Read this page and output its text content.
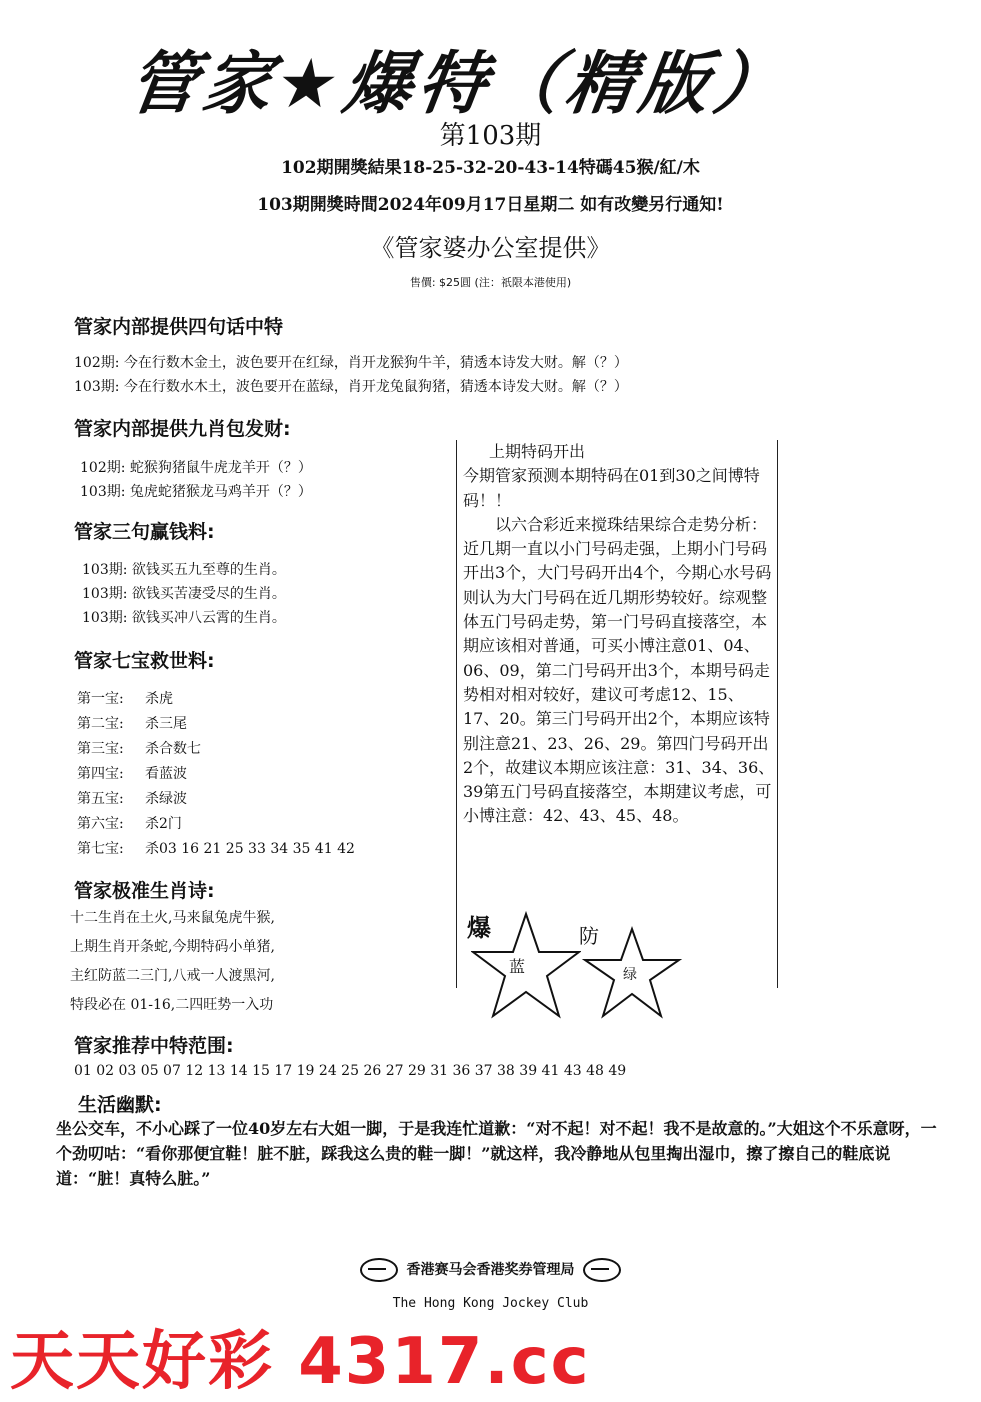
管家★爆特（精版）
第103期
102期開獎結果18-25-32-20-43-14特碼45猴/紅/木
103期開獎時間2024年09月17日星期二 如有改變另行通知!
《管家婆办公室提供》
售價: $25圓 (注：祇限本港使用)
管家内部提供四句话中特
102期: 今在行数木金土，波色要开在红绿，肖开龙猴狗牛羊，猜透本诗发大财。解（？）
103期: 今在行数水木土，波色要开在蓝绿，肖开龙兔鼠狗猪，猜透本诗发大财。解（？）
管家内部提供九肖包发财:
102期: 蛇猴狗猪鼠牛虎龙羊开（？）
103期: 兔虎蛇猪猴龙马鸡羊开（？）
管家三句赢钱料:
103期: 欲钱买五九至尊的生肖。
103期: 欲钱买苦凄受尽的生肖。
103期: 欲钱买冲八云霄的生肖。
管家七宝救世料:
第一宝: 杀虎
第二宝: 杀三尾
第三宝: 杀合数七
第四宝: 看蓝波
第五宝: 杀绿波
第六宝: 杀2门
第七宝: 杀03 16 21 25 33 34 35 41 42
管家极准生肖诗:
十二生肖在土火,马来鼠兔虎牛猴,
上期生肖开条蛇,今期特码小单猪,
主红防蓝二三门,八戒一人渡黑河,
特段必在 01-16,二四旺势一入功
管家推荐中特范围:
01 02 03 05 07 12 13 14 15 17 19 24 25 26 27 29 31 36 37 38 39 41 43 48 49

上期特码开出

今期管家预测本期特码在01到30之间博特码！！

以六合彩近来搅珠结果综合走势分析：近几期一直以小门号码走强，上期小门号码开出3个，大门号码开出4个，今期心水号码则认为大门号码在近几期形势较好。综观整体五门号码走势，第一门号码直接落空，本期应该相对普通，可买小博注意01、04、06、09，第二门号码开出3个，本期号码走势相对相对较好，建议可考虑12、15、17、20。第三门号码开出2个，本期应该特别注意21、23、26、29。第四门号码开出2个，故建议本期应该注意：31、34、36、39第五门号码直接落空，本期建议考虑，可小博注意：42、43、45、48。

爆
蓝
防
绿
生活幽默:
坐公交车，不小心踩了一位40岁左右大姐一脚，于是我连忙道歉：“对不起！对不起！我不是故意的。”大姐这个不乐意呀，一个劲叨咕：“看你那便宜鞋！脏不脏，踩我这么贵的鞋一脚！”就这样，我冷静地从包里掏出湿巾，擦了擦自己的鞋底说道：“脏！真特么脏。”
香港赛马会香港奖券管理局
The Hong Kong Jockey Club
天天好彩 4317.cc
